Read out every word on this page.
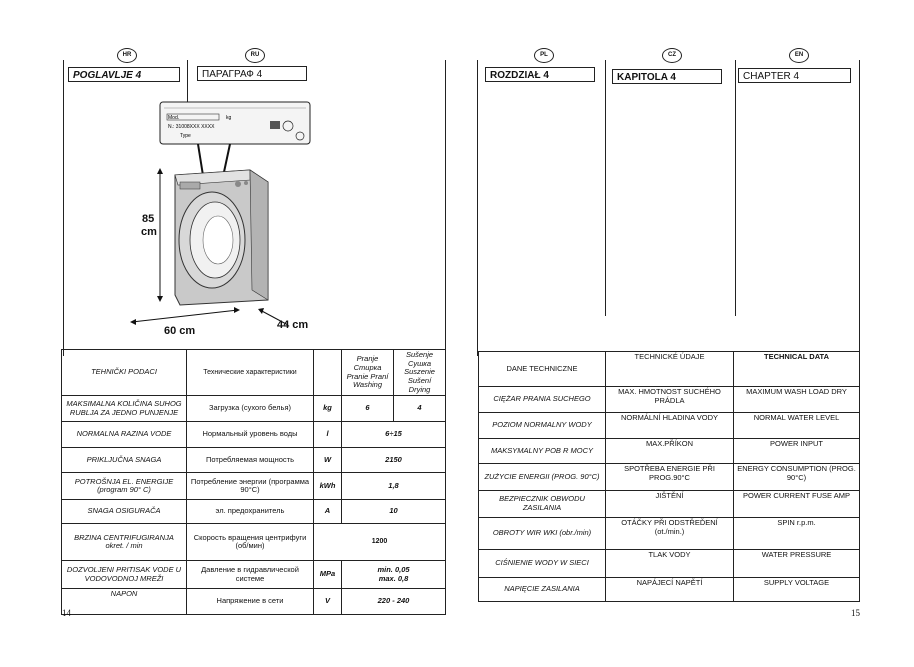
HR	RU	PL	CZ	EN
POGLAVLJE 4	ПАРАГРАФ 4	ROZDZIAŁ 4	KAPITOLA 4	CHAPTER 4
Mod.
N.: 31008XXX XXXX
kg
Type
85
cm
60 cm	44 cm
TEHNIČKI PODACI	Технические характеристики		Pranje Стирка Pranie Praní Washing	Sušenje Сушка Suszenie Sušení Drying
MAKSIMALNA KOLIČINA SUHOG RUBLJA ZA JEDNO PUNJENJE	Загрузка (сухого белья)	kg	6	4
NORMALNA RAZINA VODE	Нормальный уровень воды	l	6÷15	
PRIKLJUČNA SNAGA	Потребляемая мощность	W	2150	
POTROŠNJA EL. ENERGIJE (program 90° C)	Потребление энергии (программа 90°С)	kWh	1,8	
SNAGA OSIGURAČA	эл. предохранитель	A	10	
BRZINA CENTRIFUGIRANJA okret. / min	Скорость вращения центрифуги (об/мин)	1200		
DOZVOLJENI PRITISAK VODE U VODOVODNOJ MREŽI	Давление в гидравлической системе	MPa	min. 0,05
max. 0,8	
NAPON	Напряжение в сети	V	220 - 240	
DANE TECHNICZNE	TECHNICKÉ ÚDAJE	TECHNICAL DATA
CIĘŻAR PRANIA SUCHEGO	MAX. HMOTNOST SUCHÉHO PRÁDLA	MAXIMUM WASH LOAD DRY
POZIOM NORMALNY WODY	NORMÁLNÍ HLADINA VODY	NORMAL WATER LEVEL
MAKSYMALNY POB R MOCY	MAX.PŘÍKON	POWER INPUT
ZUŻYCIE ENERGII (PROG. 90°C)	SPOTŘEBA ENERGIE PŘI PROG.90°C	ENERGY CONSUMPTION (PROG. 90°C)
BEZPIECZNIK OBWODU ZASILANIA	JIŠTĚNÍ	POWER CURRENT FUSE AMP
OBROTY WIR WKI (obr./min)	OTÁČKY PŘI ODSTŘEĎENÍ (ot./min.)	SPIN r.p.m.
CIŚNIENIE WODY W SIECI	TLAK VODY	WATER PRESSURE
NAPIĘCIE ZASILANIA	NAPÁJECÍ NAPĚTÍ	SUPPLY VOLTAGE
14	15
